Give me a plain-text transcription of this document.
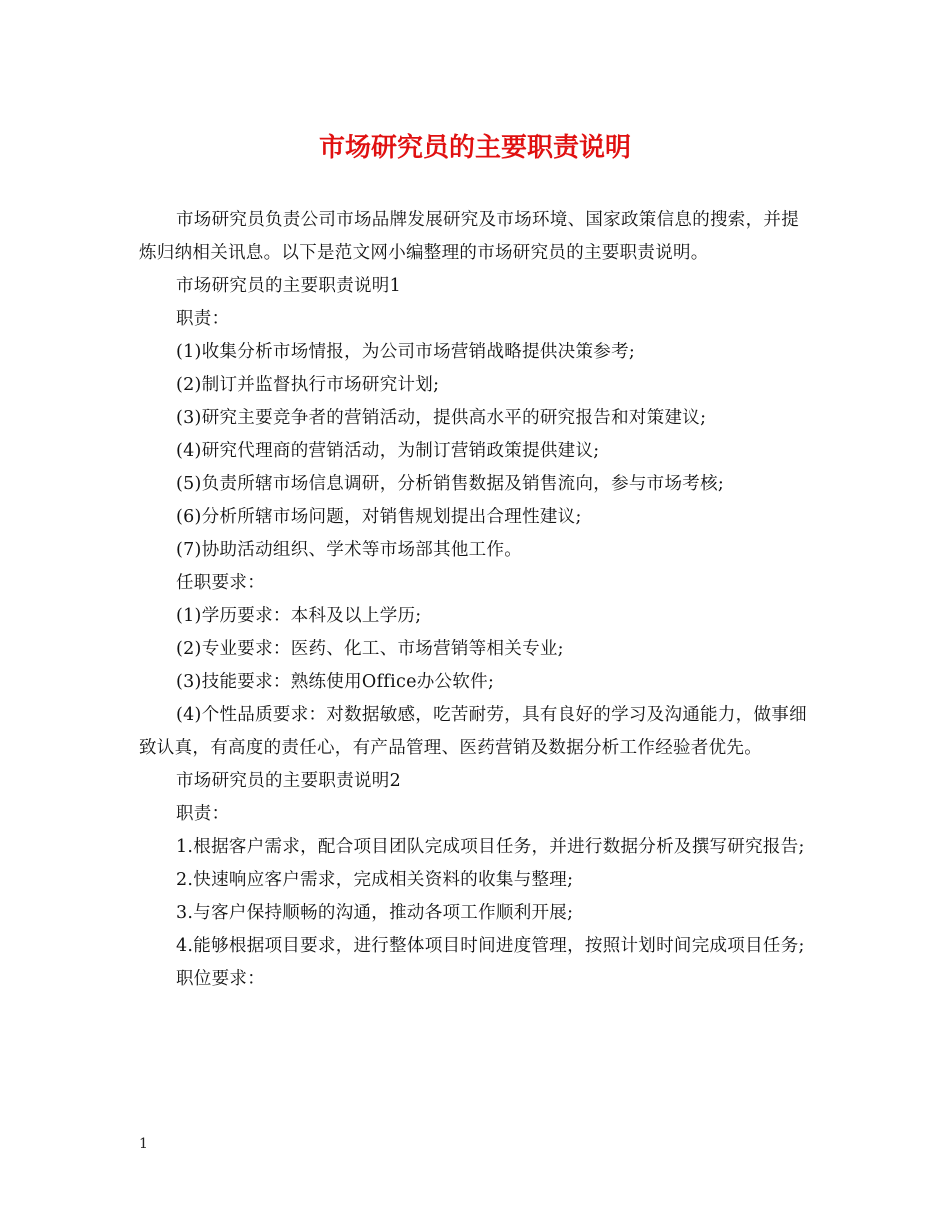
市场研究员的主要职责说明

市场研究员负责公司市场品牌发展研究及市场环境、国家政策信息的搜索，并提炼归纳相关讯息。以下是范文网小编整理的市场研究员的主要职责说明。

市场研究员的主要职责说明1

职责：

(1)收集分析市场情报，为公司市场营销战略提供决策参考;

(2)制订并监督执行市场研究计划;

(3)研究主要竞争者的营销活动，提供高水平的研究报告和对策建议;

(4)研究代理商的营销活动，为制订营销政策提供建议;

(5)负责所辖市场信息调研，分析销售数据及销售流向，参与市场考核;

(6)分析所辖市场问题，对销售规划提出合理性建议;

(7)协助活动组织、学术等市场部其他工作。

任职要求：

(1)学历要求：本科及以上学历;

(2)专业要求：医药、化工、市场营销等相关专业;

(3)技能要求：熟练使用Office办公软件;

(4)个性品质要求：对数据敏感，吃苦耐劳，具有良好的学习及沟通能力，做事细致认真，有高度的责任心，有产品管理、医药营销及数据分析工作经验者优先。

市场研究员的主要职责说明2

职责：

1.根据客户需求，配合项目团队完成项目任务，并进行数据分析及撰写研究报告;

2.快速响应客户需求，完成相关资料的收集与整理;

3.与客户保持顺畅的沟通，推动各项工作顺利开展;

4.能够根据项目要求，进行整体项目时间进度管理，按照计划时间完成项目任务;

职位要求：

1
